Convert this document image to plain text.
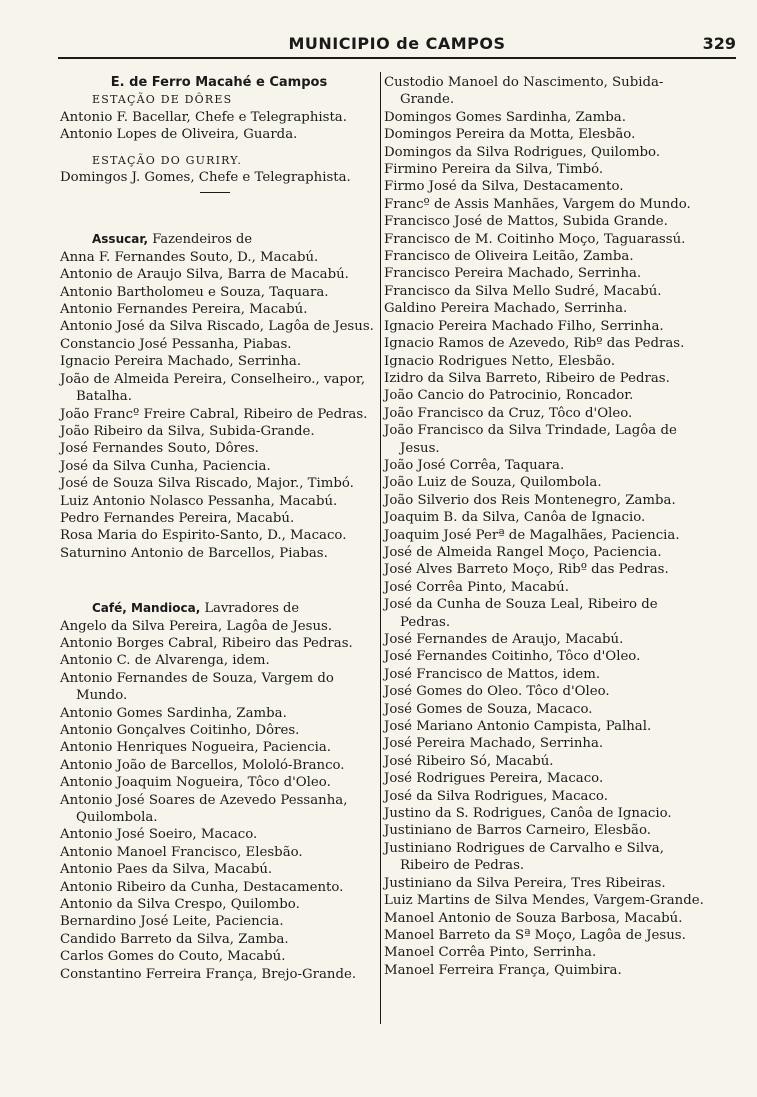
MUNICIPIO de CAMPOS	329
E. de Ferro Macahé e Campos
ESTAÇÃO DE DÔRES
Antonio F. Bacellar, Chefe e Telegraphista.
Antonio Lopes de Oliveira, Guarda.
ESTAÇÃO DO GURIRY.
Domingos J. Gomes, Chefe e Telegraphista.
Assucar, Fazendeiros de
Anna F. Fernandes Souto, D., Macabú.
Antonio de Araujo Silva, Barra de Macabú.
Antonio Bartholomeu e Souza, Taquara.
Antonio Fernandes Pereira, Macabú.
Antonio José da Silva Riscado, Lagôa de Jesus.
Constancio José Pessanha, Piabas.
Ignacio Pereira Machado, Serrinha.
João de Almeida Pereira, Conselheiro., vapor, Batalha.
João Francº Freire Cabral, Ribeiro de Pedras.
João Ribeiro da Silva, Subida-Grande.
José Fernandes Souto, Dôres.
José da Silva Cunha, Paciencia.
José de Souza Silva Riscado, Major., Timbó.
Luiz Antonio Nolasco Pessanha, Macabú.
Pedro Fernandes Pereira, Macabú.
Rosa Maria do Espirito-Santo, D., Macaco.
Saturnino Antonio de Barcellos, Piabas.
Café, Mandioca, Lavradores de
Angelo da Silva Pereira, Lagôa de Jesus.
Antonio Borges Cabral, Ribeiro das Pedras.
Antonio C. de Alvarenga, idem.
Antonio Fernandes de Souza, Vargem do Mundo.
Antonio Gomes Sardinha, Zamba.
Antonio Gonçalves Coitinho, Dôres.
Antonio Henriques Nogueira, Paciencia.
Antonio João de Barcellos, Mololó-Branco.
Antonio Joaquim Nogueira, Tôco d'Oleo.
Antonio José Soares de Azevedo Pessanha, Quilombola.
Antonio José Soeiro, Macaco.
Antonio Manoel Francisco, Elesbão.
Antonio Paes da Silva, Macabú.
Antonio Ribeiro da Cunha, Destacamento.
Antonio da Silva Crespo, Quilombo.
Bernardino José Leite, Paciencia.
Candido Barreto da Silva, Zamba.
Carlos Gomes do Couto, Macabú.
Constantino Ferreira França, Brejo-Grande.
Custodio Manoel do Nascimento, Subida-Grande.
Domingos Gomes Sardinha, Zamba.
Domingos Pereira da Motta, Elesbão.
Domingos da Silva Rodrigues, Quilombo.
Firmino Pereira da Silva, Timbó.
Firmo José da Silva, Destacamento.
Francº de Assis Manhães, Vargem do Mundo.
Francisco José de Mattos, Subida Grande.
Francisco de M. Coitinho Moço, Taguarassú.
Francisco de Oliveira Leitão, Zamba.
Francisco Pereira Machado, Serrinha.
Francisco da Silva Mello Sudré, Macabú.
Galdino Pereira Machado, Serrinha.
Ignacio Pereira Machado Filho, Serrinha.
Ignacio Ramos de Azevedo, Ribº das Pedras.
Ignacio Rodrigues Netto, Elesbão.
Izidro da Silva Barreto, Ribeiro de Pedras.
João Cancio do Patrocinio, Roncador.
João Francisco da Cruz, Tôco d'Oleo.
João Francisco da Silva Trindade, Lagôa de Jesus.
João José Corrêa, Taquara.
João Luiz de Souza, Quilombola.
João Silverio dos Reis Montenegro, Zamba.
Joaquim B. da Silva, Canôa de Ignacio.
Joaquim José Perª de Magalhães, Paciencia.
José de Almeida Rangel Moço, Paciencia.
José Alves Barreto Moço, Ribº das Pedras.
José Corrêa Pinto, Macabú.
José da Cunha de Souza Leal, Ribeiro de Pedras.
José Fernandes de Araujo, Macabú.
José Fernandes Coitinho, Tôco d'Oleo.
José Francisco de Mattos, idem.
José Gomes do Oleo. Tôco d'Oleo.
José Gomes de Souza, Macaco.
José Mariano Antonio Campista, Palhal.
José Pereira Machado, Serrinha.
José Ribeiro Só, Macabú.
José Rodrigues Pereira, Macaco.
José da Silva Rodrigues, Macaco.
Justino da S. Rodrigues, Canôa de Ignacio.
Justiniano de Barros Carneiro, Elesbão.
Justiniano Rodrigues de Carvalho e Silva, Ribeiro de Pedras.
Justiniano da Silva Pereira, Tres Ribeiras.
Luiz Martins de Silva Mendes, Vargem-Grande.
Manoel Antonio de Souza Barbosa, Macabú.
Manoel Barreto da Sª Moço, Lagôa de Jesus.
Manoel Corrêa Pinto, Serrinha.
Manoel Ferreira França, Quimbira.
